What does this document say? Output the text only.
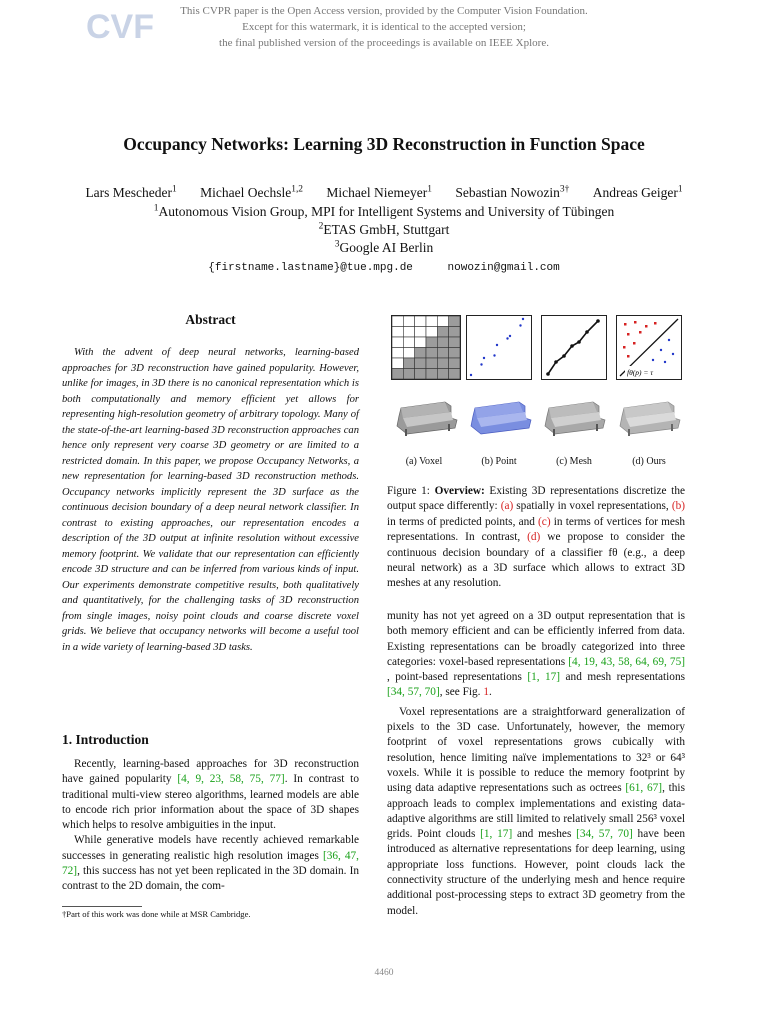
CVF	This CVPR paper is the Open Access version, provided by the Computer Vision Foundation.
Except for this watermark, it is identical to the accepted version;
the final published version of the proceedings is available on IEEE Xplore.
Occupancy Networks: Learning 3D Reconstruction in Function Space
Lars Mescheder$^1$ Michael Oechsle$^{1,2}$ Michael Niemeyer$^1$ Sebastian Nowozin$^{3\dagger}$ Andreas Geiger$^1$
$^1$Autonomous Vision Group, MPI for Intelligent Systems and University of Tübingen
$^2$ETAS GmbH, Stuttgart
$^3$Google AI Berlin
{firstname.lastname}@tue.mpg.de	nowozin@gmail.com
Abstract
With the advent of deep neural networks, learning-based approaches for 3D reconstruction have gained popularity. However, unlike for images, in 3D there is no canonical representation which is both computationally and memory efficient yet allows for representing high-resolution geometry of arbitrary topology. Many of the state-of-the-art learning-based 3D reconstruction approaches can hence only represent very coarse 3D geometry or are limited to a restricted domain. In this paper, we propose Occupancy Networks, a new representation for learning-based 3D reconstruction methods. Occupancy networks implicitly represent the 3D surface as the continuous decision boundary of a deep neural network classifier. In contrast to existing approaches, our representation encodes a description of the 3D output at infinite resolution without excessive memory footprint. We validate that our representation can efficiently encode 3D structure and can be inferred from various kinds of input. Our experiments demonstrate competitive results, both qualitatively and quantitatively, for the challenging tasks of 3D reconstruction from single images, noisy point clouds and coarse discrete voxel grids. We believe that occupancy networks will become a useful tool in a wide variety of learning-based 3D tasks.
1. Introduction

Recently, learning-based approaches for 3D reconstruction have gained popularity [4, 9, 23, 58, 75, 77]. In contrast to traditional multi-view stereo algorithms, learned models are able to encode rich prior information about the space of 3D shapes which helps to resolve ambiguities in the input.

While generative models have recently achieved remarkable successes in generating realistic high resolution images [36, 47, 72], this success has not yet been replicated in the 3D domain. In contrast to the 2D domain, the com-

†Part of this work was done while at MSR Cambridge.
fθ(p) = τ
(a) Voxel	(b) Point	(c) Mesh	(d) Ours
Figure 1: Overview: Existing 3D representations discretize the output space differently: (a) spatially in voxel representations, (b) in terms of predicted points, and (c) in terms of vertices for mesh representations. In contrast, (d) we propose to consider the continuous decision boundary of a classifier fθ (e.g., a deep neural network) as a 3D surface which allows to extract 3D meshes at any resolution.

munity has not yet agreed on a 3D output representation that is both memory efficient and can be efficiently inferred from data. Existing representations can be broadly categorized into three categories: voxel-based representations [4, 19, 43, 58, 64, 69, 75] , point-based representations [1, 17] and mesh representations [34, 57, 70], see Fig. 1.

Voxel representations are a straightforward generalization of pixels to the 3D case. Unfortunately, however, the memory footprint of voxel representations grows cubically with resolution, hence limiting naïve implementations to 32³ or 64³ voxels. While it is possible to reduce the memory footprint by using data adaptive representations such as octrees [61, 67], this approach leads to complex implementations and existing data-adaptive algorithms are still limited to relatively small 256³ voxel grids. Point clouds [1, 17] and meshes [34, 57, 70] have been introduced as alternative representations for deep learning, using appropriate loss functions. However, point clouds lack the connectivity structure of the underlying mesh and hence require additional post-processing steps to extract 3D geometry from the model.

4460
